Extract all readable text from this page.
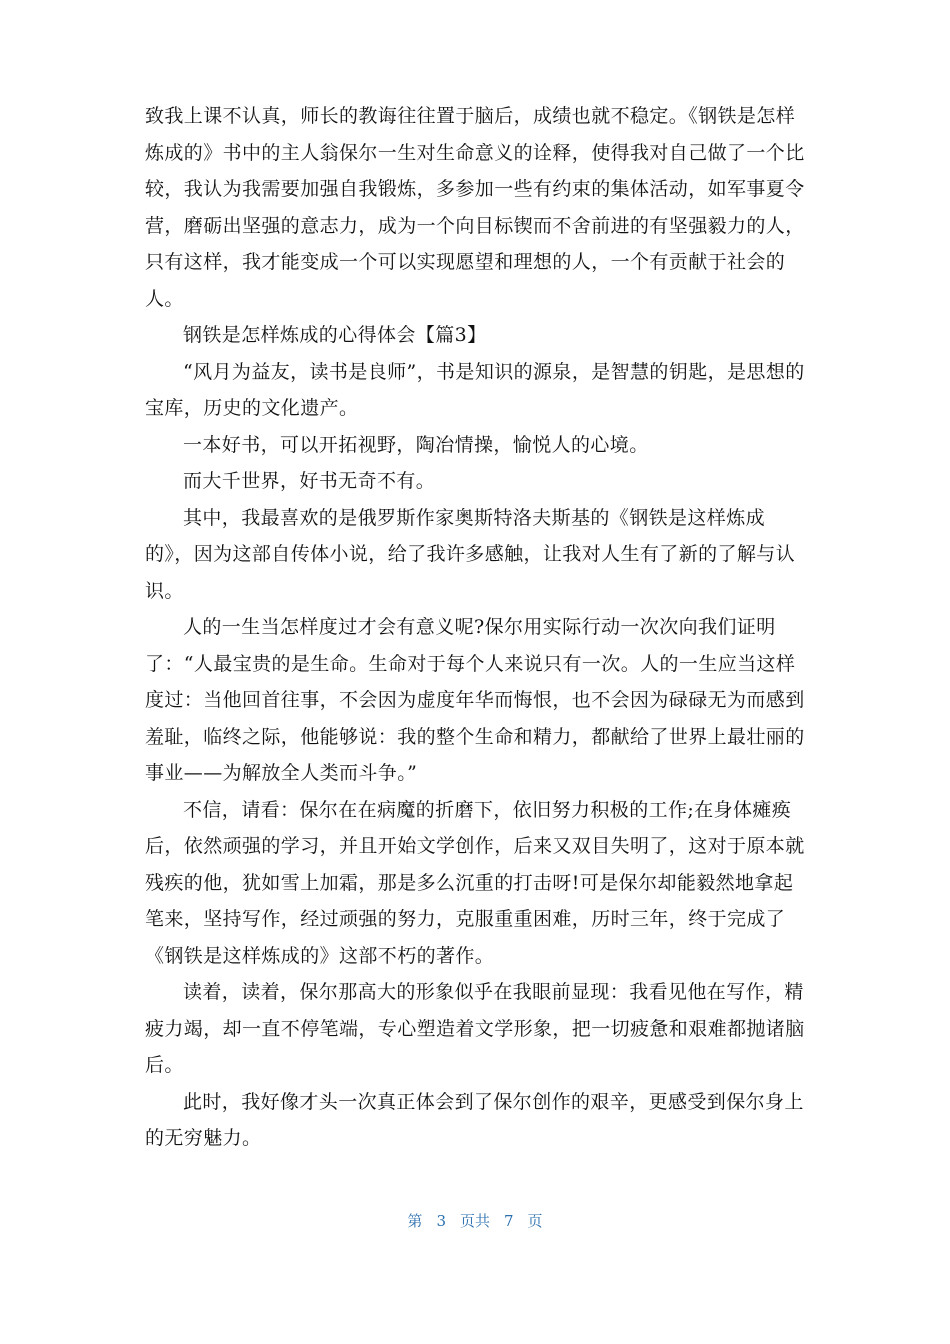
致我上课不认真，师长的教诲往往置于脑后，成绩也就不稳定。《钢铁是怎样炼成的》书中的主人翁保尔一生对生命意义的诠释，使得我对自己做了一个比较，我认为我需要加强自我锻炼，多参加一些有约束的集体活动，如军事夏令营，磨砺出坚强的意志力，成为一个向目标锲而不舍前进的有坚强毅力的人，只有这样，我才能变成一个可以实现愿望和理想的人，一个有贡献于社会的人。

钢铁是怎样炼成的心得体会【篇3】

“风月为益友，读书是良师”，书是知识的源泉，是智慧的钥匙，是思想的宝库，历史的文化遗产。

一本好书，可以开拓视野，陶冶情操，愉悦人的心境。

而大千世界，好书无奇不有。

其中，我最喜欢的是俄罗斯作家奥斯特洛夫斯基的《钢铁是这样炼成的》，因为这部自传体小说，给了我许多感触，让我对人生有了新的了解与认识。

人的一生当怎样度过才会有意义呢?保尔用实际行动一次次向我们证明了：“人最宝贵的是生命。生命对于每个人来说只有一次。人的一生应当这样度过：当他回首往事，不会因为虚度年华而悔恨，也不会因为碌碌无为而感到羞耻，临终之际，他能够说：我的整个生命和精力，都献给了世界上最壮丽的事业——为解放全人类而斗争。”

不信，请看：保尔在在病魔的折磨下，依旧努力积极的工作;在身体瘫痪后，依然顽强的学习，并且开始文学创作，后来又双目失明了，这对于原本就残疾的他，犹如雪上加霜，那是多么沉重的打击呀!可是保尔却能毅然地拿起笔来，坚持写作，经过顽强的努力，克服重重困难，历时三年，终于完成了《钢铁是这样炼成的》这部不朽的著作。

读着，读着，保尔那高大的形象似乎在我眼前显现：我看见他在写作，精疲力竭，却一直不停笔端，专心塑造着文学形象，把一切疲惫和艰难都抛诸脑后。

此时，我好像才头一次真正体会到了保尔创作的艰辛，更感受到保尔身上的无穷魅力。

第 3 页共 7 页
